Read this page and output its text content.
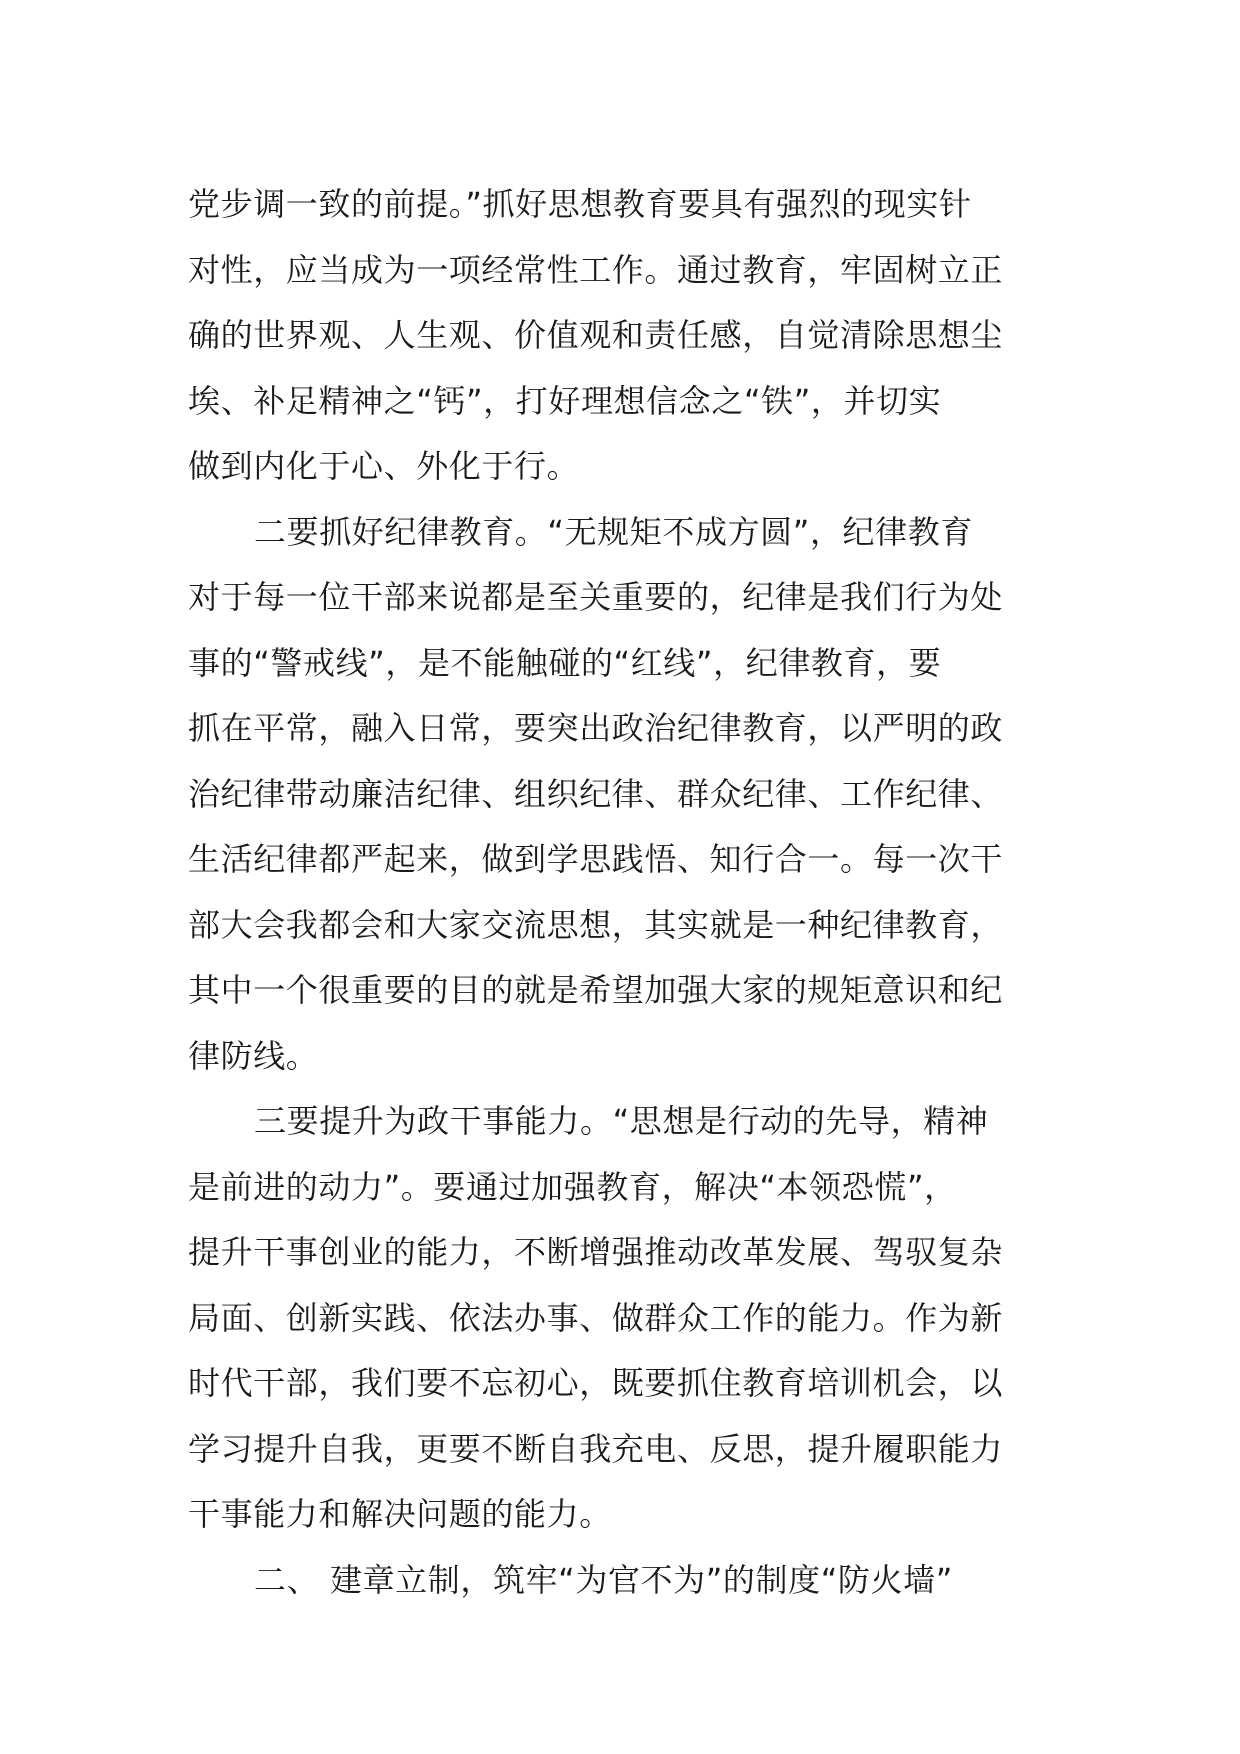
党步调一致的前提。”抓好思想教育要具有强烈的现实针
对性，应当成为一项经常性工作。通过教育，牢固树立正
确的世界观、人生观、价值观和责任感，自觉清除思想尘
埃、补足精神之“钙”，打好理想信念之“铁”，并切实
做到内化于心、外化于行。

二要抓好纪律教育。“无规矩不成方圆”，纪律教育
对于每一位干部来说都是至关重要的，纪律是我们行为处
事的“警戒线”，是不能触碰的“红线”，纪律教育，要
抓在平常，融入日常，要突出政治纪律教育，以严明的政
治纪律带动廉洁纪律、组织纪律、群众纪律、工作纪律、
生活纪律都严起来，做到学思践悟、知行合一。每一次干
部大会我都会和大家交流思想，其实就是一种纪律教育，
其中一个很重要的目的就是希望加强大家的规矩意识和纪
律防线。

三要提升为政干事能力。“思想是行动的先导，精神
是前进的动力”。要通过加强教育，解决“本领恐慌”，
提升干事创业的能力，不断增强推动改革发展、驾驭复杂
局面、创新实践、依法办事、做群众工作的能力。作为新
时代干部，我们要不忘初心，既要抓住教育培训机会，以
学习提升自我，更要不断自我充电、反思，提升履职能力
干事能力和解决问题的能力。

二、 建章立制，筑牢“为官不为”的制度“防火墙”
